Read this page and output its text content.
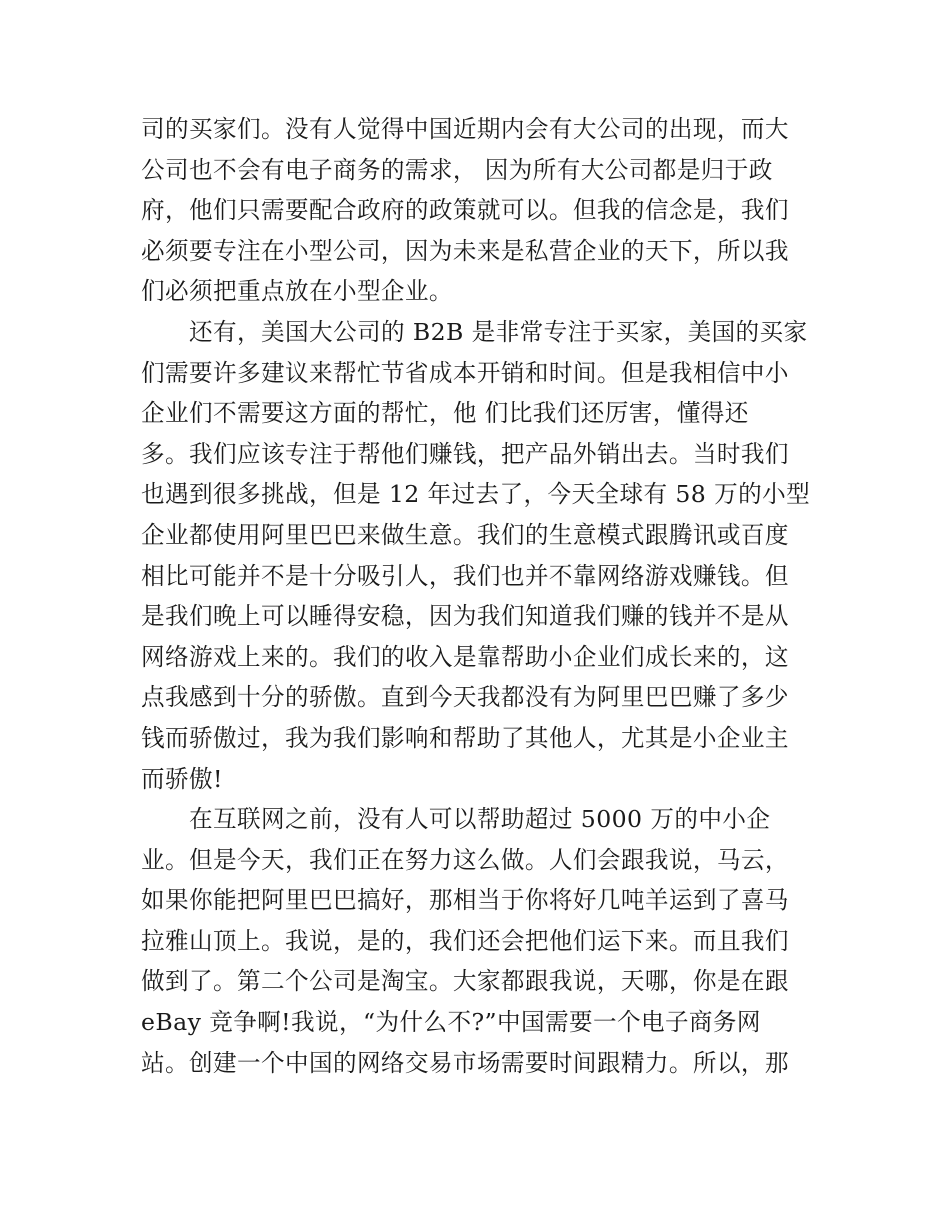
司的买家们。没有人觉得中国近期内会有大公司的出现，而大
公司也不会有电子商务的需求， 因为所有大公司都是归于政
府，他们只需要配合政府的政策就可以。但我的信念是，我们
必须要专注在小型公司，因为未来是私营企业的天下，所以我
们必须把重点放在小型企业。
还有，美国大公司的 B2B 是非常专注于买家，美国的买家
们需要许多建议来帮忙节省成本开销和时间。但是我相信中小
企业们不需要这方面的帮忙，他 们比我们还厉害，懂得还
多。我们应该专注于帮他们赚钱，把产品外销出去。当时我们
也遇到很多挑战，但是 12 年过去了，今天全球有 58 万的小型
企业都使用阿里巴巴来做生意。我们的生意模式跟腾讯或百度
相比可能并不是十分吸引人，我们也并不靠网络游戏赚钱。但
是我们晚上可以睡得安稳，因为我们知道我们赚的钱并不是从
网络游戏上来的。我们的收入是靠帮助小企业们成长来的，这
点我感到十分的骄傲。直到今天我都没有为阿里巴巴赚了多少
钱而骄傲过，我为我们影响和帮助了其他人，尤其是小企业主
而骄傲!
在互联网之前，没有人可以帮助超过 5000 万的中小企
业。但是今天，我们正在努力这么做。人们会跟我说，马云，
如果你能把阿里巴巴搞好，那相当于你将好几吨羊运到了喜马
拉雅山顶上。我说，是的，我们还会把他们运下来。而且我们
做到了。第二个公司是淘宝。大家都跟我说，天哪，你是在跟
eBay 竞争啊!我说，“为什么不?”中国需要一个电子商务网
站。创建一个中国的网络交易市场需要时间跟精力。所以，那
